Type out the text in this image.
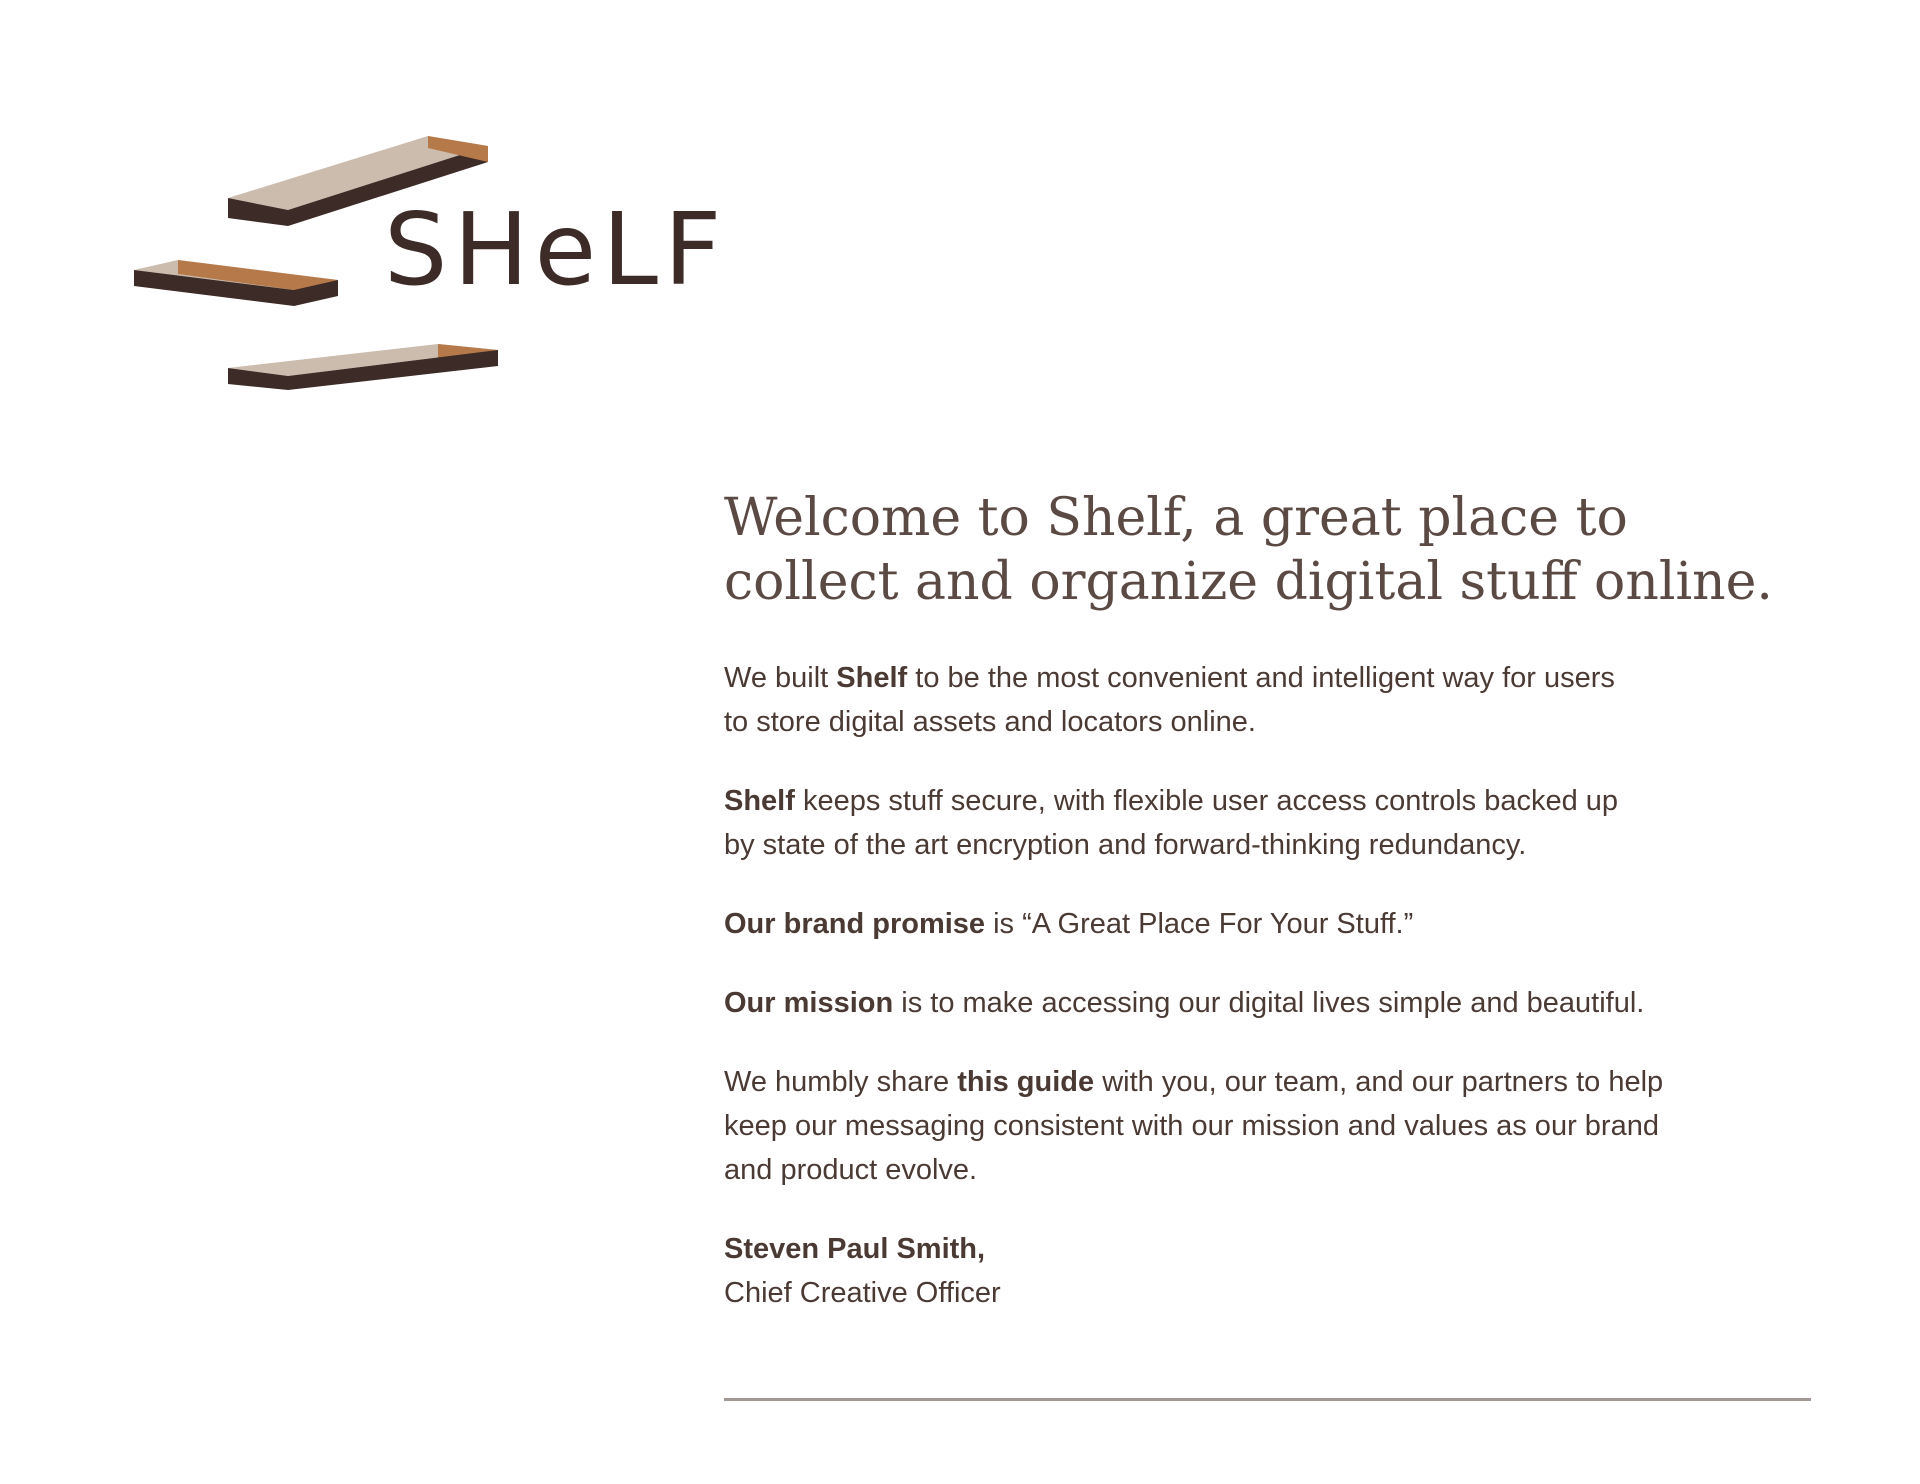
SHeLF
Welcome to Shelf, a great place to
collect and organize digital stuff online.

We built Shelf to be the most convenient and intelligent way for users
to store digital assets and locators online.

Shelf keeps stuff secure, with flexible user access controls backed up
by state of the art encryption and forward-thinking redundancy.

Our brand promise is “A Great Place For Your Stuff.”

Our mission is to make accessing our digital lives simple and beautiful.

We humbly share this guide with you, our team, and our partners to help
keep our messaging consistent with our mission and values as our brand
and product evolve.

Steven Paul Smith,

Chief Creative Officer
